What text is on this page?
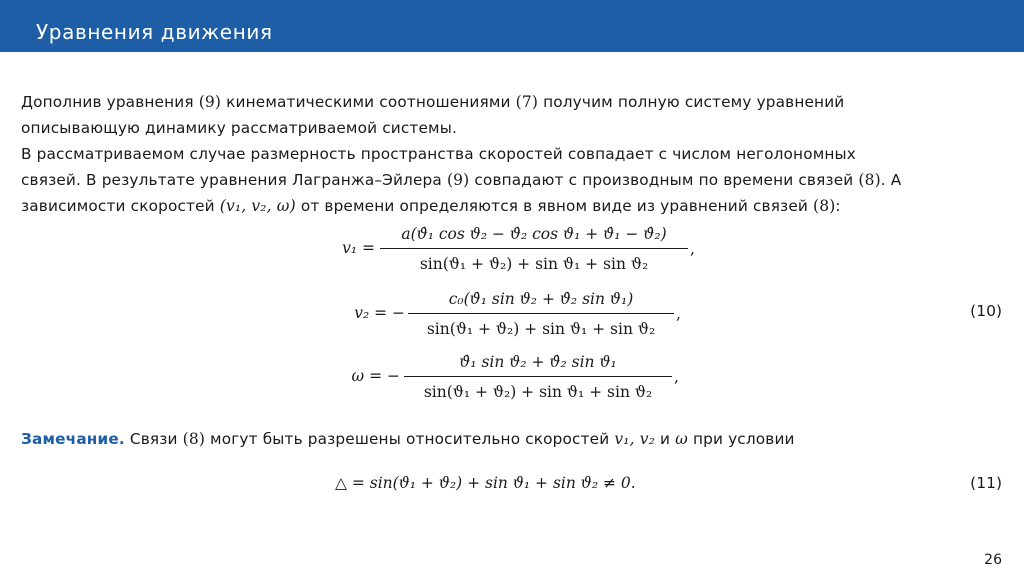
Уравнения движения

Дополнив уравнения (9) кинематическими соотношениями (7) получим полную систему уравнений

описывающую динамику рассматриваемой системы.

В рассматриваемом случае размерность пространства скоростей совпадает с числом неголономных

связей. В результате уравнения Лагранжа–Эйлера (9) совпадают с производным по времени связей (8). А

зависимости скоростей (v₁, v₂, ω) от времени определяются в явном виде из уравнений связей (8):

v₁ =
a(ϑ̇₁ cos ϑ₂ − ϑ̇₂ cos ϑ₁ + ϑ̇₁ − ϑ̇₂)
sin(ϑ₁ + ϑ₂) + sin ϑ₁ + sin ϑ₂
,
v₂ = −
c₀(ϑ̇₁ sin ϑ₂ + ϑ̇₂ sin ϑ₁)
sin(ϑ₁ + ϑ₂) + sin ϑ₁ + sin ϑ₂
,	(10)
ω = −
ϑ̇₁ sin ϑ₂ + ϑ̇₂ sin ϑ₁
sin(ϑ₁ + ϑ₂) + sin ϑ₁ + sin ϑ₂
,
Замечание. Связи (8) могут быть разрешены относительно скоростей v₁, v₂ и ω при условии
△ = sin(ϑ₁ + ϑ₂) + sin ϑ₁ + sin ϑ₂ ≠ 0.	(11)
26
